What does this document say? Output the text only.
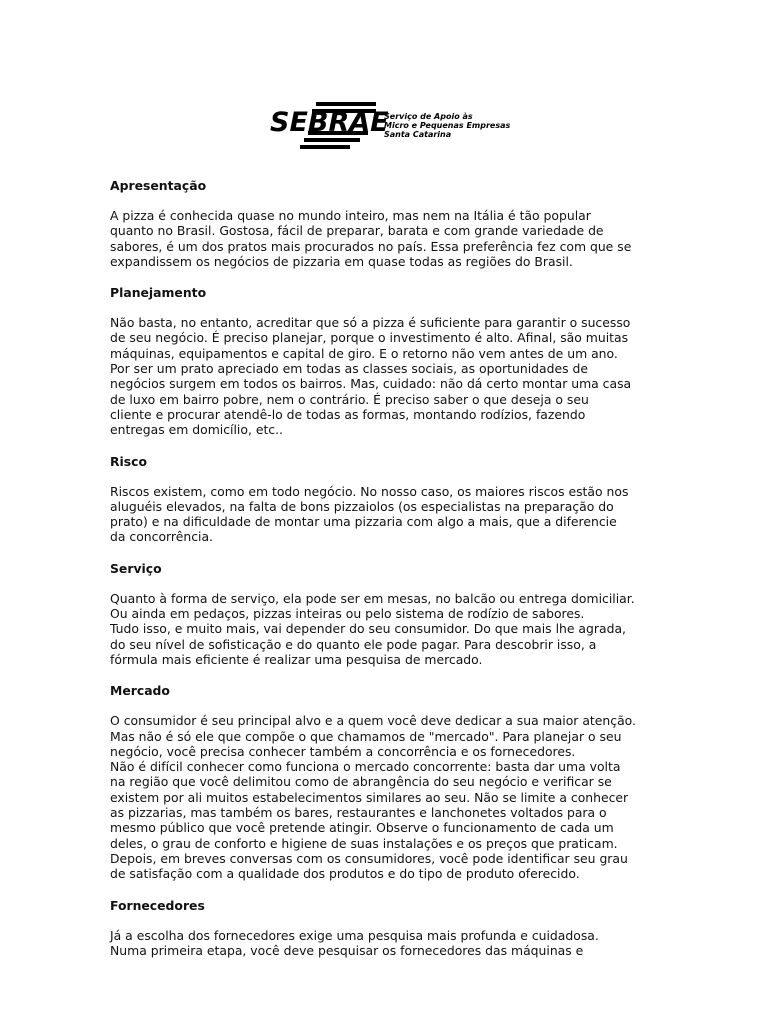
SEBRAE
Serviço de Apoio às
Micro e Pequenas Empresas
Santa Catarina
Apresentação
A pizza é conhecida quase no mundo inteiro, mas nem na Itália é tão popular
quanto no Brasil. Gostosa, fácil de preparar, barata e com grande variedade de
sabores, é um dos pratos mais procurados no país. Essa preferência fez com que se
expandissem os negócios de pizzaria em quase todas as regiões do Brasil.
Planejamento
Não basta, no entanto, acreditar que só a pizza é suficiente para garantir o sucesso
de seu negócio. É preciso planejar, porque o investimento é alto. Afinal, são muitas
máquinas, equipamentos e capital de giro. E o retorno não vem antes de um ano.
Por ser um prato apreciado em todas as classes sociais, as oportunidades de
negócios surgem em todos os bairros. Mas, cuidado: não dá certo montar uma casa
de luxo em bairro pobre, nem o contrário. É preciso saber o que deseja o seu
cliente e procurar atendê-lo de todas as formas, montando rodízios, fazendo
entregas em domicílio, etc..
Risco
Riscos existem, como em todo negócio. No nosso caso, os maiores riscos estão nos
aluguéis elevados, na falta de bons pizzaiolos (os especialistas na preparação do
prato) e na dificuldade de montar uma pizzaria com algo a mais, que a diferencie
da concorrência.
Serviço
Quanto à forma de serviço, ela pode ser em mesas, no balcão ou entrega domiciliar.
Ou ainda em pedaços, pizzas inteiras ou pelo sistema de rodízio de sabores.
Tudo isso, e muito mais, vai depender do seu consumidor. Do que mais lhe agrada,
do seu nível de sofisticação e do quanto ele pode pagar. Para descobrir isso, a
fórmula mais eficiente é realizar uma pesquisa de mercado.
Mercado
O consumidor é seu principal alvo e a quem você deve dedicar a sua maior atenção.
Mas não é só ele que compõe o que chamamos de "mercado". Para planejar o seu
negócio, você precisa conhecer também a concorrência e os fornecedores.
Não é difícil conhecer como funciona o mercado concorrente: basta dar uma volta
na região que você delimitou como de abrangência do seu negócio e verificar se
existem por ali muitos estabelecimentos similares ao seu. Não se limite a conhecer
as pizzarias, mas também os bares, restaurantes e lanchonetes voltados para o
mesmo público que você pretende atingir. Observe o funcionamento de cada um
deles, o grau de conforto e higiene de suas instalações e os preços que praticam.
Depois, em breves conversas com os consumidores, você pode identificar seu grau
de satisfação com a qualidade dos produtos e do tipo de produto oferecido.
Fornecedores
Já a escolha dos fornecedores exige uma pesquisa mais profunda e cuidadosa.
Numa primeira etapa, você deve pesquisar os fornecedores das máquinas e
